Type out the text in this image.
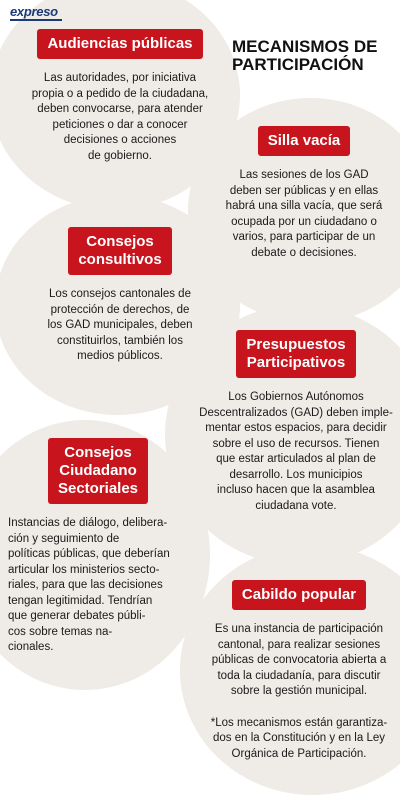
expreso
MECANISMOS DE
PARTICIPACIÓN
Audiencias públicas
Las autoridades, por iniciativa
propia o a pedido de la ciudadana,
deben convocarse, para atender
peticiones o dar a conocer
decisiones o acciones
de gobierno.
Silla vacía
Las sesiones de los GAD
deben ser públicas y en ellas
habrá una silla vacía, que será
ocupada por un ciudadano o
varios, para participar de un
debate o decisiones.
Consejos
consultivos
Los consejos cantonales de
protección de derechos, de
los GAD municipales, deben
constituirlos, también los
medios públicos.
Presupuestos
Participativos
Los Gobiernos Autónomos
Descentralizados (GAD) deben imple-
mentar estos espacios, para decidir
sobre el uso de recursos. Tienen
que estar articulados al plan de
desarrollo. Los municipios
incluso hacen que la asamblea
ciudadana vote.
Consejos
Ciudadano
Sectoriales
Instancias de diálogo, delibera-
ción y seguimiento de
políticas públicas, que deberían
articular los ministerios secto-
riales, para que las decisiones
tengan legitimidad. Tendrían
que generar debates públi-
cos sobre temas na-
cionales.
Cabildo popular
Es una instancia de participación
cantonal, para realizar sesiones
públicas de convocatoria abierta a
toda la ciudadanía, para discutir
sobre la gestión municipal.
*Los mecanismos están garantiza-
dos en la Constitución y en la Ley
Orgánica de Participación.
